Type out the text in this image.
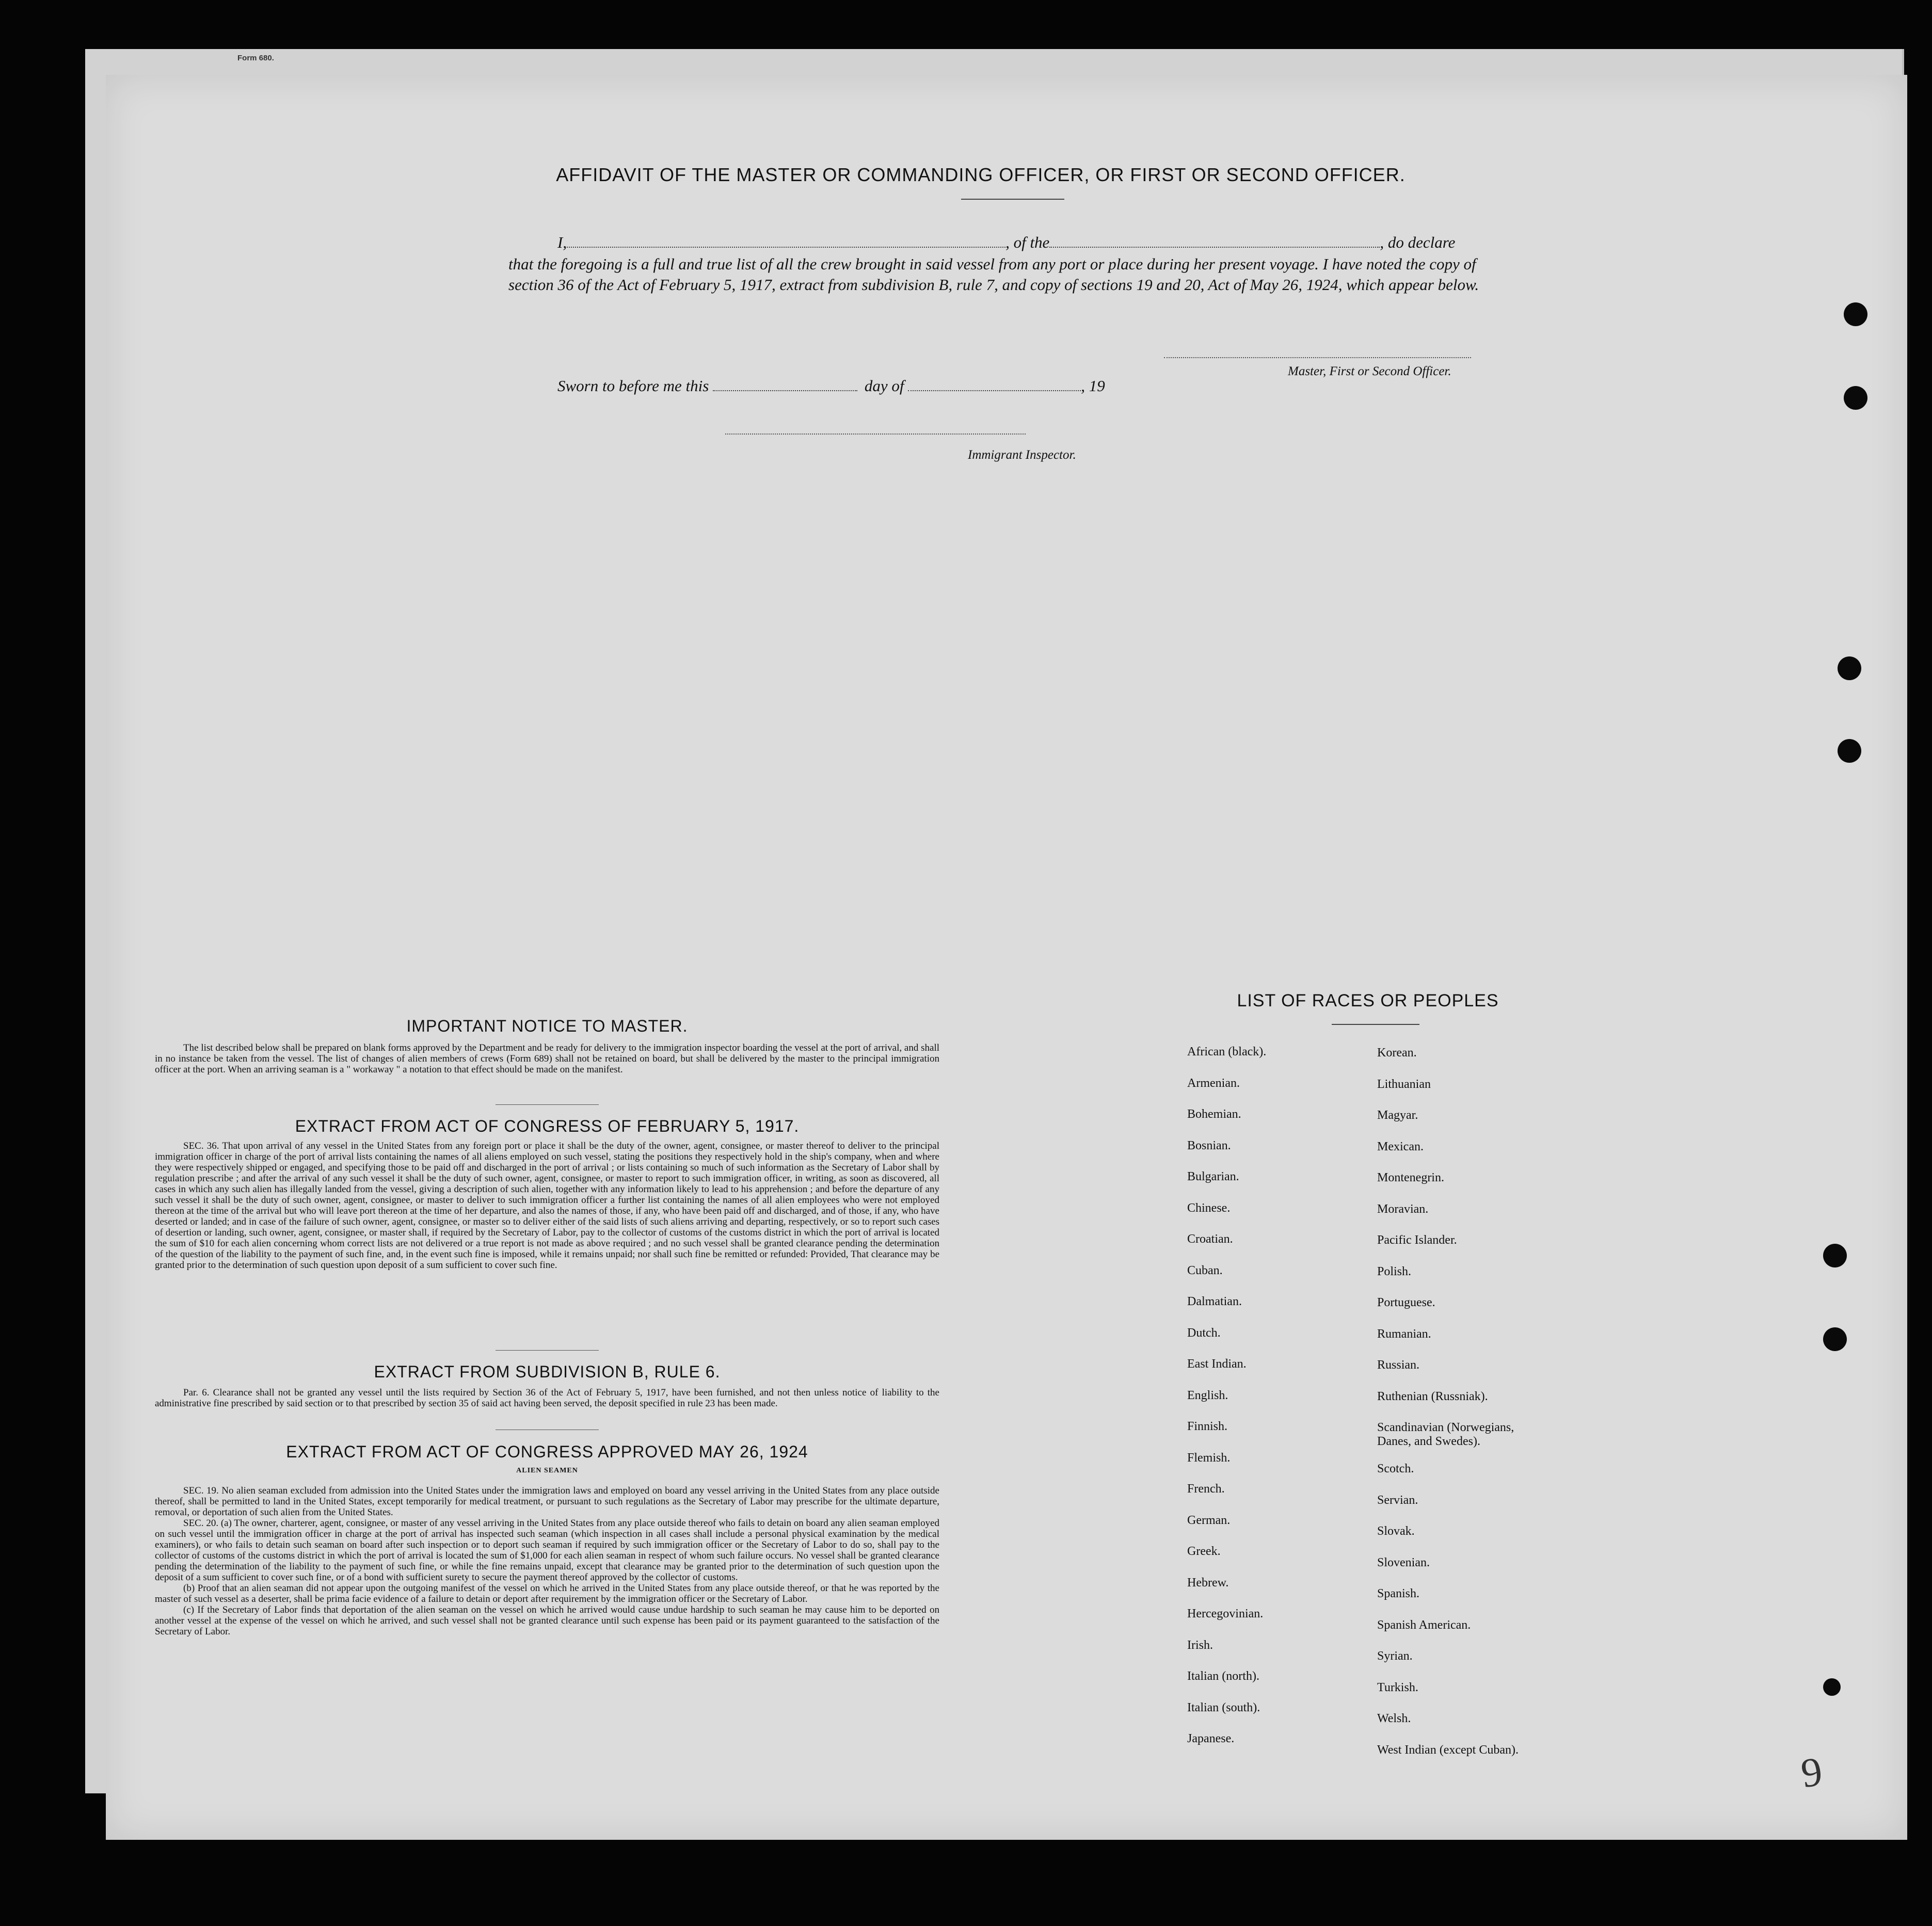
Form 680.
AFFIDAVIT OF THE MASTER OR COMMANDING OFFICER, OR FIRST OR SECOND OFFICER.

I,	, of the	, do declare

that the foregoing is a full and true list of all the crew brought in said vessel from any port or place during her present voyage. I have noted the copy of section 36 of the Act of February 5, 1917, extract from subdivision B, rule 7, and copy of sections 19 and 20, Act of May 26, 1924, which appear below.

Master, First or Second Officer.
Sworn to before me this	day of	, 19
Immigrant Inspector.
IMPORTANT NOTICE TO MASTER.

The list described below shall be prepared on blank forms approved by the Department and be ready for delivery to the immigration inspector boarding the vessel at the port of arrival, and shall in no instance be taken from the vessel. The list of changes of alien members of crews (Form 689) shall not be retained on board, but shall be delivered by the master to the principal immigration officer at the port. When an arriving seaman is a " workaway " a notation to that effect should be made on the manifest.

EXTRACT FROM ACT OF CONGRESS OF FEBRUARY 5, 1917.

SEC. 36. That upon arrival of any vessel in the United States from any foreign port or place it shall be the duty of the owner, agent, consignee, or master thereof to deliver to the principal immigration officer in charge of the port of arrival lists containing the names of all aliens employed on such vessel, stating the positions they respectively hold in the ship's company, when and where they were respectively shipped or engaged, and specifying those to be paid off and discharged in the port of arrival ; or lists containing so much of such information as the Secretary of Labor shall by regulation prescribe ; and after the arrival of any such vessel it shall be the duty of such owner, agent, consignee, or master to report to such immigration officer, in writing, as soon as discovered, all cases in which any such alien has illegally landed from the vessel, giving a description of such alien, together with any information likely to lead to his apprehension ; and before the departure of any such vessel it shall be the duty of such owner, agent, consignee, or master to deliver to such immigration officer a further list containing the names of all alien employees who were not employed thereon at the time of the arrival but who will leave port thereon at the time of her departure, and also the names of those, if any, who have been paid off and discharged, and of those, if any, who have deserted or landed; and in case of the failure of such owner, agent, consignee, or master so to deliver either of the said lists of such aliens arriving and departing, respectively, or so to report such cases of desertion or landing, such owner, agent, consignee, or master shall, if required by the Secretary of Labor, pay to the collector of customs of the customs district in which the port of arrival is located the sum of $10 for each alien concerning whom correct lists are not delivered or a true report is not made as above required ; and no such vessel shall be granted clearance pending the determination of the question of the liability to the payment of such fine, and, in the event such fine is imposed, while it remains unpaid; nor shall such fine be remitted or refunded: Provided, That clearance may be granted prior to the determination of such question upon deposit of a sum sufficient to cover such fine.

EXTRACT FROM SUBDIVISION B, RULE 6.

Par. 6. Clearance shall not be granted any vessel until the lists required by Section 36 of the Act of February 5, 1917, have been furnished, and not then unless notice of liability to the administrative fine prescribed by said section or to that prescribed by section 35 of said act having been served, the deposit specified in rule 23 has been made.

EXTRACT FROM ACT OF CONGRESS APPROVED MAY 26, 1924
ALIEN SEAMEN

SEC. 19. No alien seaman excluded from admission into the United States under the immigration laws and employed on board any vessel arriving in the United States from any place outside thereof, shall be permitted to land in the United States, except temporarily for medical treatment, or pursuant to such regulations as the Secretary of Labor may prescribe for the ultimate departure, removal, or deportation of such alien from the United States.

SEC. 20. (a) The owner, charterer, agent, consignee, or master of any vessel arriving in the United States from any place outside thereof who fails to detain on board any alien seaman employed on such vessel until the immigration officer in charge at the port of arrival has inspected such seaman (which inspection in all cases shall include a personal physical examination by the medical examiners), or who fails to detain such seaman on board after such inspection or to deport such seaman if required by such immigration officer or the Secretary of Labor to do so, shall pay to the collector of customs of the customs district in which the port of arrival is located the sum of $1,000 for each alien seaman in respect of whom such failure occurs. No vessel shall be granted clearance pending the determination of the liability to the payment of such fine, or while the fine remains unpaid, except that clearance may be granted prior to the determination of such question upon the deposit of a sum sufficient to cover such fine, or of a bond with sufficient surety to secure the payment thereof approved by the collector of customs.

(b) Proof that an alien seaman did not appear upon the outgoing manifest of the vessel on which he arrived in the United States from any place outside thereof, or that he was reported by the master of such vessel as a deserter, shall be prima facie evidence of a failure to detain or deport after requirement by the immigration officer or the Secretary of Labor.

(c) If the Secretary of Labor finds that deportation of the alien seaman on the vessel on which he arrived would cause undue hardship to such seaman he may cause him to be deported on another vessel at the expense of the vessel on which he arrived, and such vessel shall not be granted clearance until such expense has been paid or its payment guaranteed to the satisfaction of the Secretary of Labor.

LIST OF RACES OR PEOPLES
African (black).
Armenian.
Bohemian.
Bosnian.
Bulgarian.
Chinese.
Croatian.
Cuban.
Dalmatian.
Dutch.
East Indian.
English.
Finnish.
Flemish.
French.
German.
Greek.
Hebrew.
Hercegovinian.
Irish.
Italian (north).
Italian (south).
Japanese.
Korean.
Lithuanian
Magyar.
Mexican.
Montenegrin.
Moravian.
Pacific Islander.
Polish.
Portuguese.
Rumanian.
Russian.
Ruthenian (Russniak).
Scandinavian (Norwegians, Danes, and Swedes).
Scotch.
Servian.
Slovak.
Slovenian.
Spanish.
Spanish American.
Syrian.
Turkish.
Welsh.
West Indian (except Cuban).	9
